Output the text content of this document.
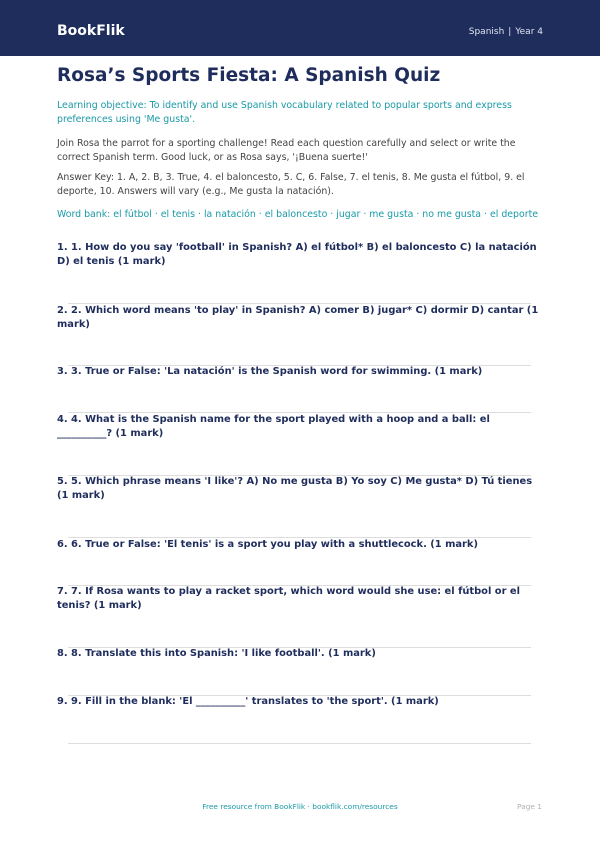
BookFlik	Spanish | Year 4
Rosa’s Sports Fiesta: A Spanish Quiz

Learning objective: To identify and use Spanish vocabulary related to popular sports and express preferences using 'Me gusta'.

Join Rosa the parrot for a sporting challenge! Read each question carefully and select or write the correct Spanish term. Good luck, or as Rosa says, '¡Buena suerte!'

Answer Key: 1. A, 2. B, 3. True, 4. el baloncesto, 5. C, 6. False, 7. el tenis, 8. Me gusta el fútbol, 9. el deporte, 10. Answers will vary (e.g., Me gusta la natación).

Word bank: el fútbol · el tenis · la natación · el baloncesto · jugar · me gusta · no me gusta · el deporte

1. 1. How do you say 'football' in Spanish? A) el fútbol* B) el baloncesto C) la natación D) el tenis (1 mark)

2. 2. Which word means 'to play' in Spanish? A) comer B) jugar* C) dormir D) cantar (1 mark)

3. 3. True or False: 'La natación' is the Spanish word for swimming. (1 mark)

4. 4. What is the Spanish name for the sport played with a hoop and a ball: el __________? (1 mark)

5. 5. Which phrase means 'I like'? A) No me gusta B) Yo soy C) Me gusta* D) Tú tienes (1 mark)

6. 6. True or False: 'El tenis' is a sport you play with a shuttlecock. (1 mark)

7. 7. If Rosa wants to play a racket sport, which word would she use: el fútbol or el tenis? (1 mark)

8. 8. Translate this into Spanish: 'I like football'. (1 mark)

9. 9. Fill in the blank: 'El __________' translates to 'the sport'. (1 mark)

Free resource from BookFlik · bookflik.com/resources	Page 1
